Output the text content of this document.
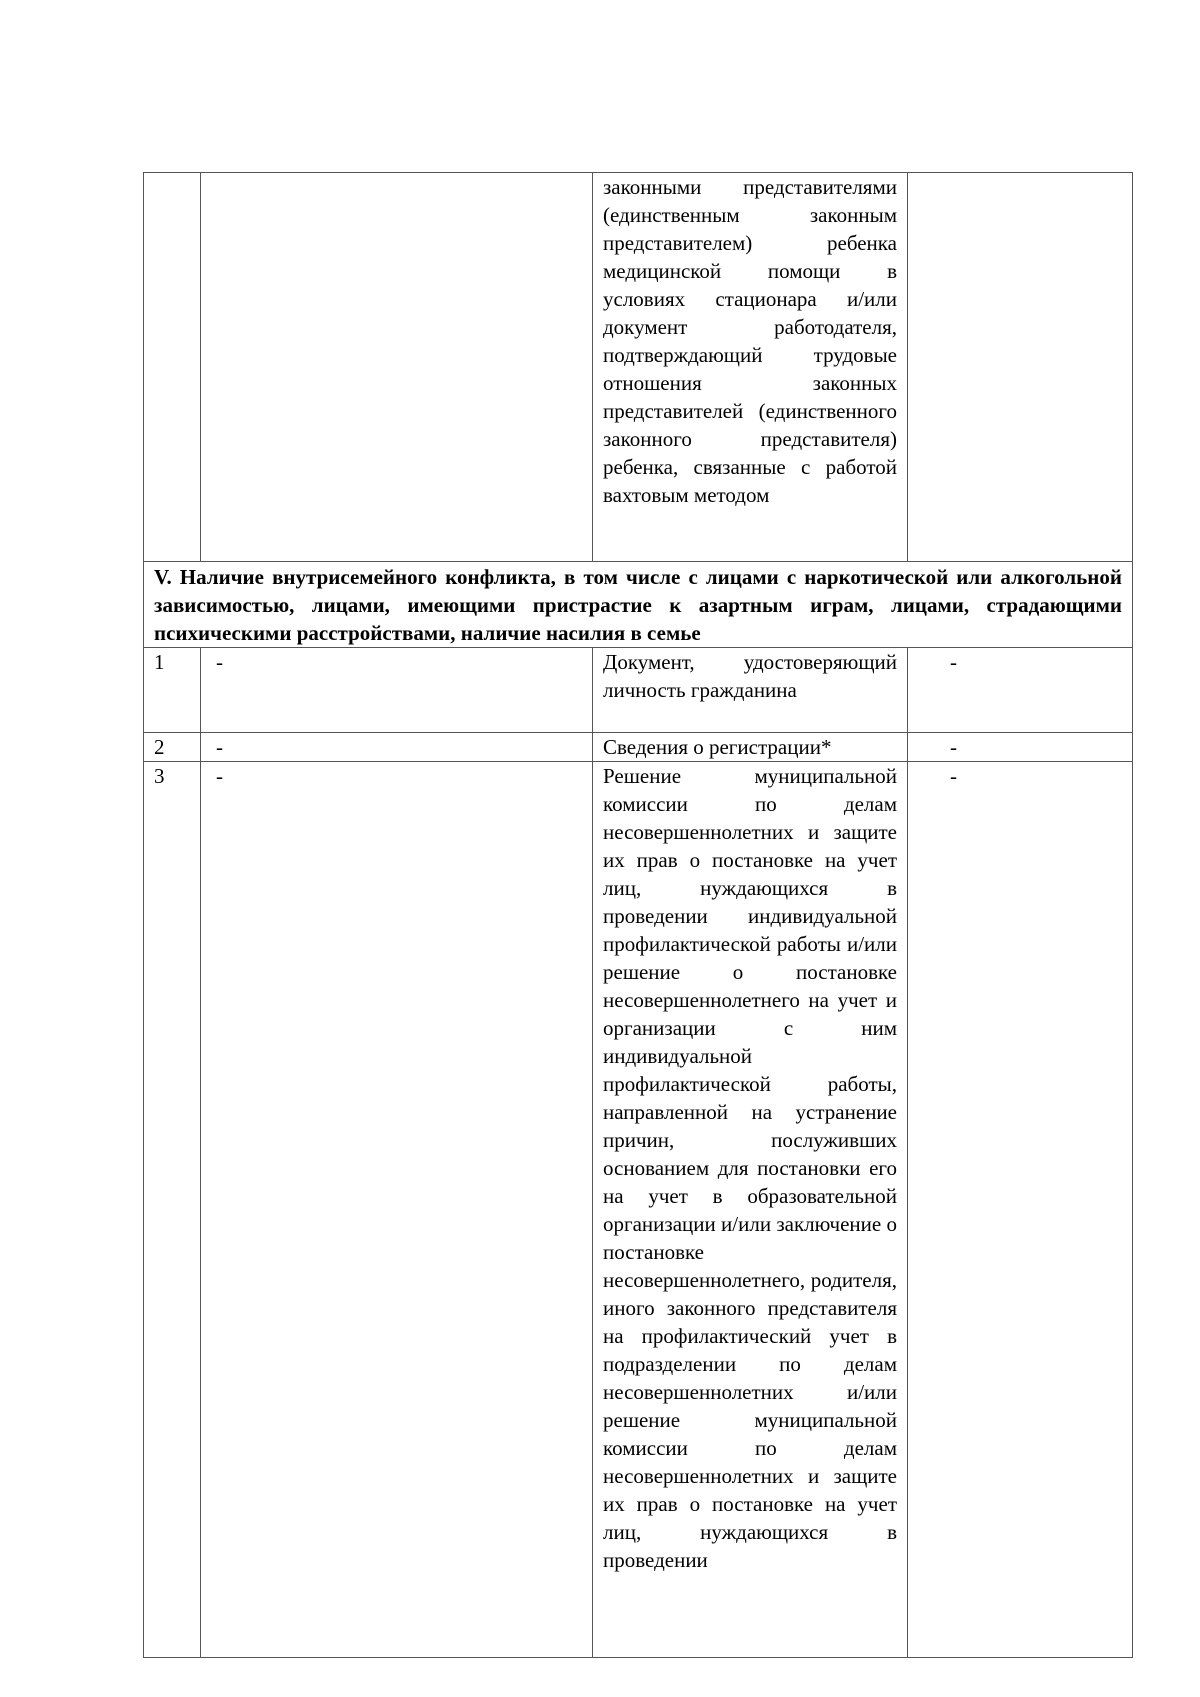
		законными представителями (единственным законным представителем) ребенка медицинской помощи в условиях стационара и/или документ работодателя, подтверждающий трудовые отношения законных представителей (единственного законного представителя) ребенка, связанные с работой вахтовым методом	
V. Наличие внутрисемейного конфликта, в том числе с лицами с наркотической или алкогольной зависимостью, лицами, имеющими пристрастие к азартным играм, лицами, страдающими психическими расстройствами, наличие насилия в семье			
1	-	Документ, удостоверяющий личность гражданина	-
2	-	Сведения о регистрации*	-
3	-	Решение муниципальной комиссии по делам несовершеннолетних и защите их прав о постановке на учет лиц, нуждающихся в проведении индивидуальной профилактической работы и/или решение о постановке несовершеннолетнего на учет и организации с ним индивидуальной профилактической работы, направленной на устранение причин, послуживших основанием для постановки его на учет в образовательной организации и/или заключение о постановке несовершеннолетнего, родителя, иного законного представителя на профилактический учет в подразделении по делам несовершеннолетних и/или решение муниципальной комиссии по делам несовершеннолетних и защите их прав о постановке на учет лиц, нуждающихся в проведении	-
